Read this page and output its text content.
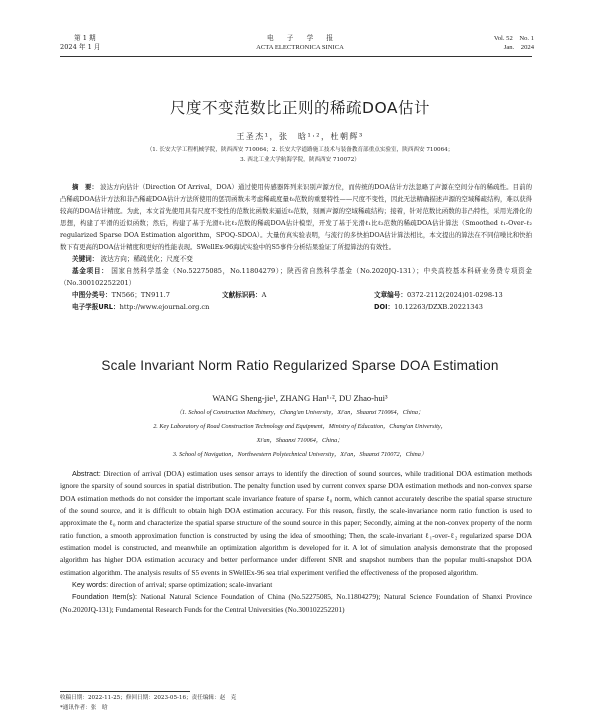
第 1 期
2024 年 1 月
电　　子　　学　　报
ACTA ELECTRONICA SINICA
Vol. 52　No. 1
Jan.　2024
尺度不变范数比正则的稀疏DOA估计
王圣杰¹，张　晗¹·²，杜朝辉³
（1. 长安大学工程机械学院，陕西西安 710064；2. 长安大学道路施工技术与装备教育部重点实验室，陕西西安 710064；
3. 西北工业大学航海学院，陕西西安 710072）

摘　要： 波达方向估计（Direction Of Arrival，DOA）通过使用传感器阵列来识别声源方位，而传统的DOA估计方法忽略了声源在空间分布的稀疏性。目前的凸稀疏DOA估计方法和非凸稀疏DOA估计方法所使用的惩罚函数未考虑稀疏度量ℓ₀范数的重要特性——尺度不变性，因此无法精确描述声源的空域稀疏结构，难以获得较高的DOA估计精度。为此，本文首先使用具有尺度不变性的范数比函数来逼近ℓ₀范数，刻画声源的空域稀疏结构；接着，针对范数比函数的非凸特性，采用光滑化的思想，构建了平滑的近似函数；然后，构建了基于光滑ℓ₁比ℓ₂范数的稀疏DOA估计模型，开发了基于光滑ℓ₁比ℓ₂范数的稀疏DOA估计算法（Smoothed ℓ₁-Over-ℓ₂ regularized Sparse DOA Estimation algorithm，SPOQ-SDOA）。大量仿真实验表明，与流行的多快拍DOA估计算法相比，本文提出的算法在不同信噪比和快拍数下有更高的DOA估计精度和更好的性能表现。SWellEx-96海试实验中的S5事件分析结果验证了所提算法的有效性。

关键词： 波达方向；稀疏优化；尺度不变

基金项目： 国家自然科学基金（No.52275085，No.11804279）；陕西省自然科学基金（No.2020JQ-131）；中央高校基本科研业务费专项资金（No.300102252201）

中图分类号：TN566；TN911.7	文献标识码：A	文章编号：0372-2112(2024)01-0298-13
电子学报URL：http://www.ejournal.org.cn	DOI：10.12263/DZXB.20221343
Scale Invariant Norm Ratio Regularized Sparse DOA Estimation
WANG Sheng-jie¹, ZHANG Han¹·², DU Zhao-hui³
（1. School of Construction Machinery，Chang'an University，Xi'an，Shaanxi 710064，China；
2. Key Laboratory of Road Construction Technology and Equipment，Ministry of Education，Chang'an University，
Xi'an，Shaanxi 710064，China；
3. School of Navigation，Northwestern Polytechnical University，Xi'an，Shaanxi 710072，China）

Abstract: Direction of arrival (DOA) estimation uses sensor arrays to identify the direction of sound sources, while traditional DOA estimation methods ignore the sparsity of sound sources in spatial distribution. The penalty function used by current convex sparse DOA estimation methods and non-convex sparse DOA estimation methods do not consider the important scale invariance feature of sparse ℓ₀ norm, which cannot accurately describe the spatial sparse structure of the sound source, and it is difficult to obtain high DOA estimation accuracy. For this reason, firstly, the scale-invariance norm ratio function is used to approximate the ℓ₀ norm and characterize the spatial sparse structure of the sound source in this paper; Secondly, aiming at the non-convex property of the norm ratio function, a smooth approximation function is constructed by using the idea of smoothing; Then, the scale-invariant ℓ₁-over-ℓ₂ regularized sparse DOA estimation model is constructed, and meanwhile an optimization algorithm is developed for it. A lot of simulation analysis demonstrate that the proposed algorithm has higher DOA estimation accuracy and better performance under different SNR and snapshot numbers than the popular multi-snapshot DOA estimation algorithm. The analysis results of S5 events in SWellEx-96 sea trial experiment verified the effectiveness of the proposed algorithm.

Key words: direction of arrival; sparse optimization; scale-invariant

Foundation Item(s): National Natural Science Foundation of China (No.52275085, No.11804279); Natural Science Foundation of Shanxi Province (No.2020JQ-131); Fundamental Research Funds for the Central Universities (No.300102252201)

收稿日期：2022-11-25；修回日期：2023-05-16；责任编辑：赵　克
*通讯作者：张　晗
